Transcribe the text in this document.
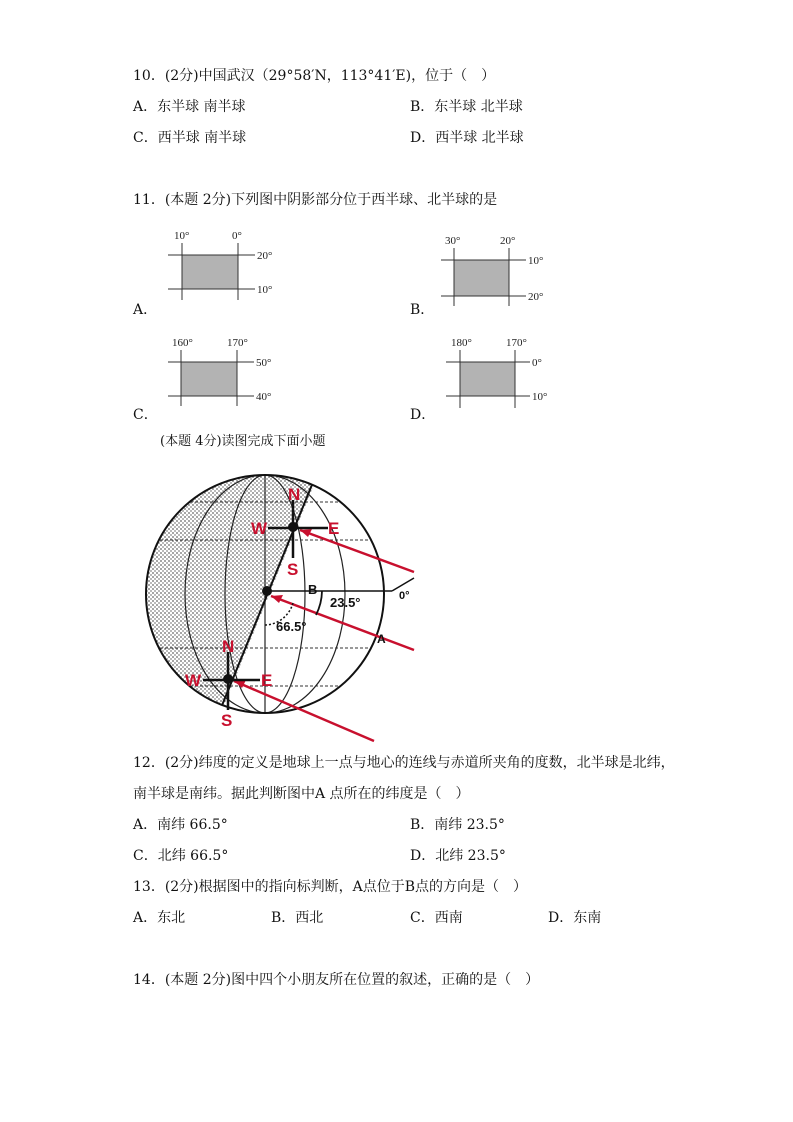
10．(2分)中国武汉（29°58′N，113°41′E)，位于（　）
A．东半球 南半球	B．东半球 北半球
C．西半球 南半球	D．西半球 北半球
11．(本题 2分)下列图中阴影部分位于西半球、北半球的是
A．	B．
C．	D．
10°	0°
20°
10°
30°	20°
10°
20°
160°	170°
50°
40°
180°	170°
0°
10°
0°
23.5°
66.5°
B
A
N
W	E
S
N
W	E
S
(本题 4分)读图完成下面小题
12．(2分)纬度的定义是地球上一点与地心的连线与赤道所夹角的度数，北半球是北纬，
南半球是南纬。据此判断图中A 点所在的纬度是（　）
A．南纬 66.5°	B．南纬 23.5°
C．北纬 66.5°	D．北纬 23.5°
13．(2分)根据图中的指向标判断，A点位于B点的方向是（　）
A．东北	B．西北	C．西南	D．东南
14．(本题 2分)图中四个小朋友所在位置的叙述，正确的是（　）
